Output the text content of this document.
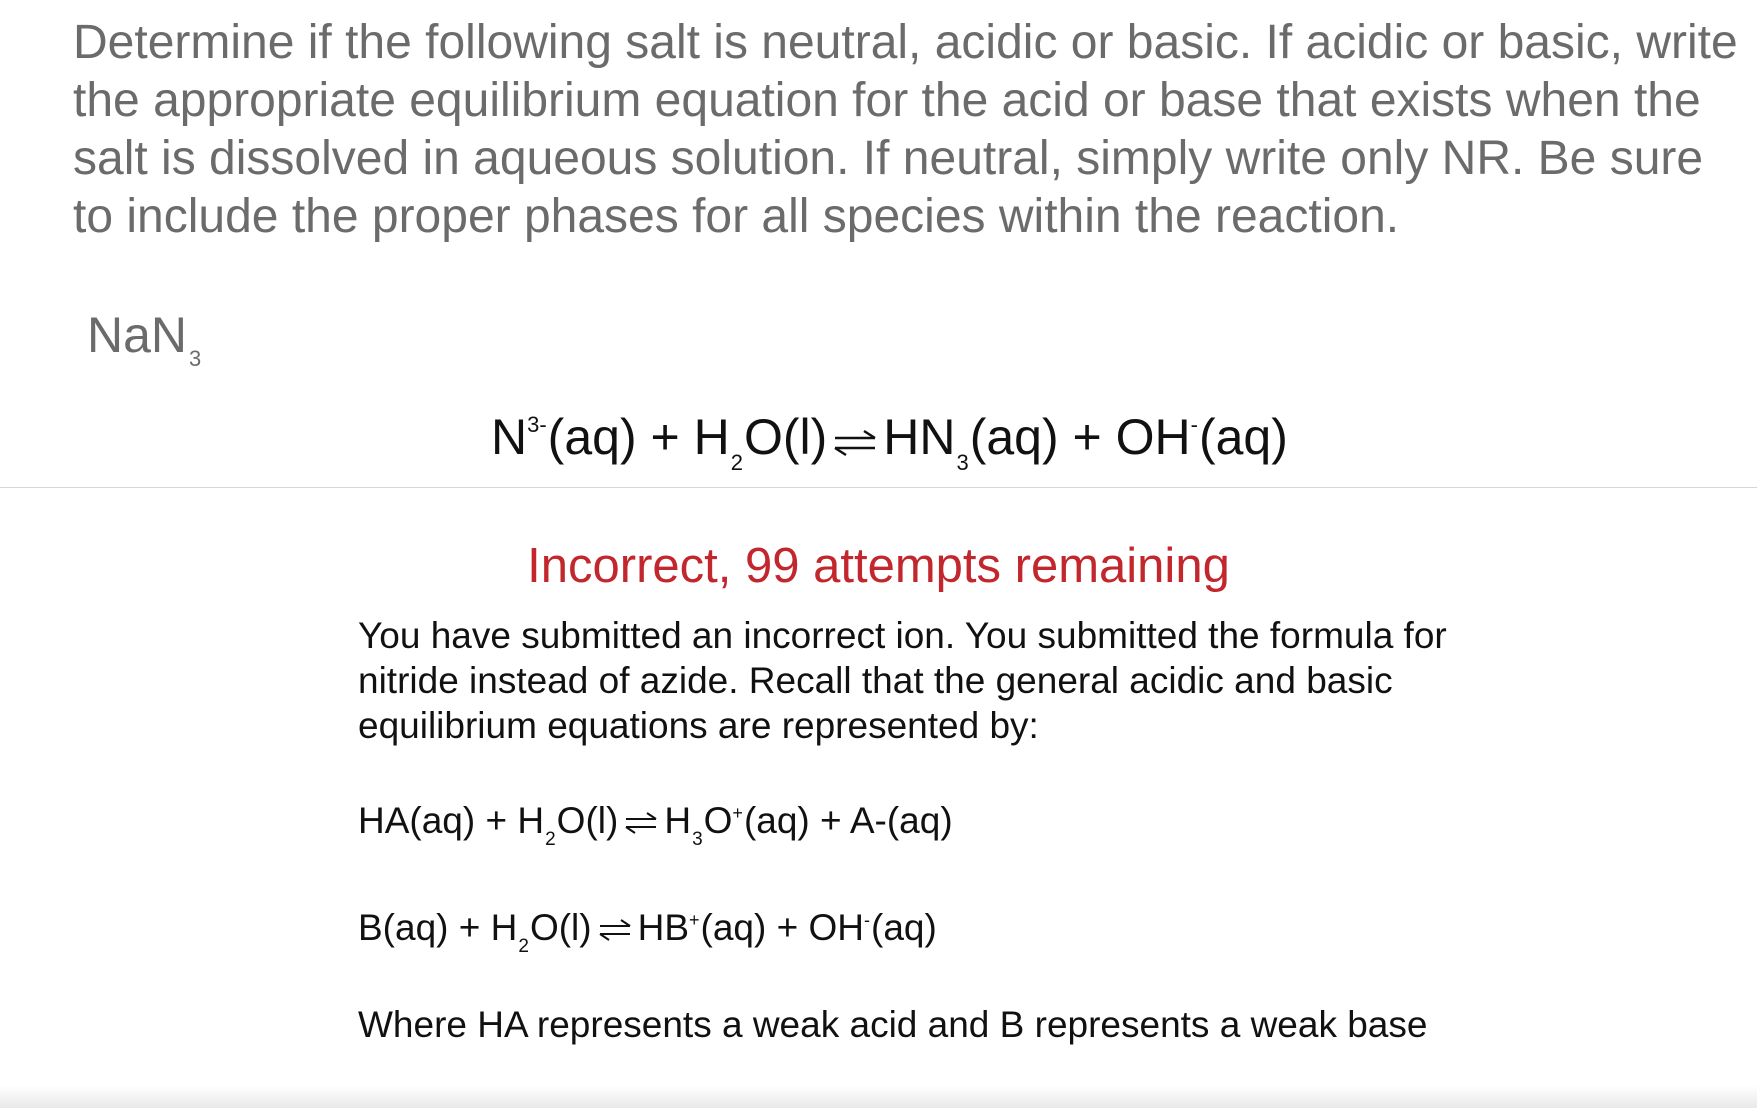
Determine if the following salt is neutral, acidic or basic. If acidic or basic, write the appropriate equilibrium equation for the acid or base that exists when the salt is dissolved in aqueous solution. If neutral, simply write only NR. Be sure to include the proper phases for all species within the reaction.

NaN$_3$
$N^{3-}(aq) + H_2O(l)$ ⇌ $HN_3(aq) + OH^-(aq)$
Incorrect, 99 attempts remaining

You have submitted an incorrect ion. You submitted the formula for nitride instead of azide. Recall that the general acidic and basic equilibrium equations are represented by:

$HA(aq) + H_2O(l)$ ⇌ $H_3O^+(aq) + A-(aq)$
$B(aq) + H_2O(l)$ ⇌ HB+(aq) + OH-(aq)

Where HA represents a weak acid and B represents a weak base
